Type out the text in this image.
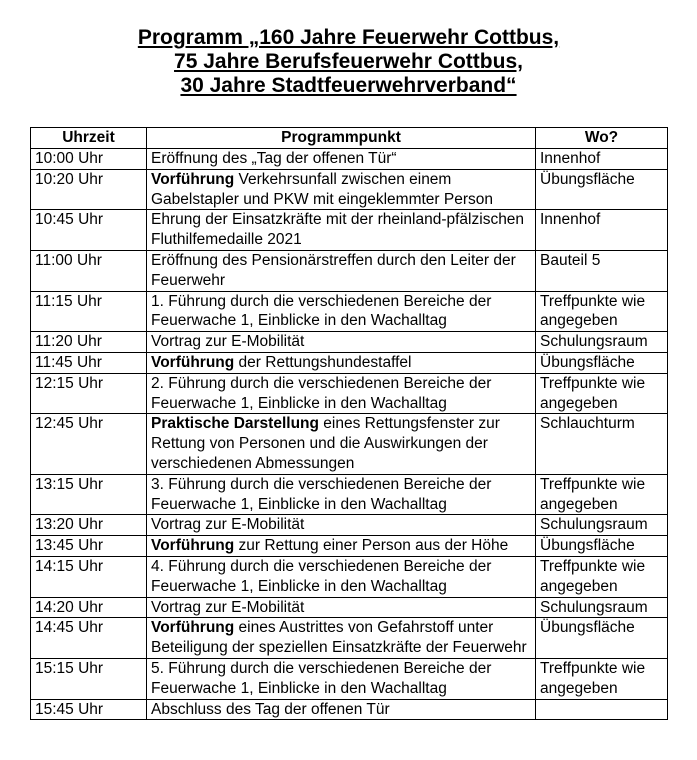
Programm „160 Jahre Feuerwehr Cottbus,
75 Jahre Berufsfeuerwehr Cottbus,
30 Jahre Stadtfeuerwehrverband“
Uhrzeit	Programmpunkt	Wo?
10:00 Uhr	Eröffnung des „Tag der offenen Tür“	Innenhof
10:20 Uhr	Vorführung Verkehrsunfall zwischen einem Gabelstapler und PKW mit eingeklemmter Person	Übungsfläche
10:45 Uhr	Ehrung der Einsatzkräfte mit der rheinland-pfälzischen Fluthilfemedaille 2021	Innenhof
11:00 Uhr	Eröffnung des Pensionärstreffen durch den Leiter der Feuerwehr	Bauteil 5
11:15 Uhr	1. Führung durch die verschiedenen Bereiche der Feuerwache 1, Einblicke in den Wachalltag	Treffpunkte wie angegeben
11:20 Uhr	Vortrag zur E-Mobilität	Schulungsraum
11:45 Uhr	Vorführung der Rettungshundestaffel	Übungsfläche
12:15 Uhr	2. Führung durch die verschiedenen Bereiche der Feuerwache 1, Einblicke in den Wachalltag	Treffpunkte wie angegeben
12:45 Uhr	Praktische Darstellung eines Rettungsfenster zur Rettung von Personen und die Auswirkungen der verschiedenen Abmessungen	Schlauchturm
13:15 Uhr	3. Führung durch die verschiedenen Bereiche der Feuerwache 1, Einblicke in den Wachalltag	Treffpunkte wie angegeben
13:20 Uhr	Vortrag zur E-Mobilität	Schulungsraum
13:45 Uhr	Vorführung zur Rettung einer Person aus der Höhe	Übungsfläche
14:15 Uhr	4. Führung durch die verschiedenen Bereiche der Feuerwache 1, Einblicke in den Wachalltag	Treffpunkte wie angegeben
14:20 Uhr	Vortrag zur E-Mobilität	Schulungsraum
14:45 Uhr	Vorführung eines Austrittes von Gefahrstoff unter Beteiligung der speziellen Einsatzkräfte der Feuerwehr	Übungsfläche
15:15 Uhr	5. Führung durch die verschiedenen Bereiche der Feuerwache 1, Einblicke in den Wachalltag	Treffpunkte wie angegeben
15:45 Uhr	Abschluss des Tag der offenen Tür	
